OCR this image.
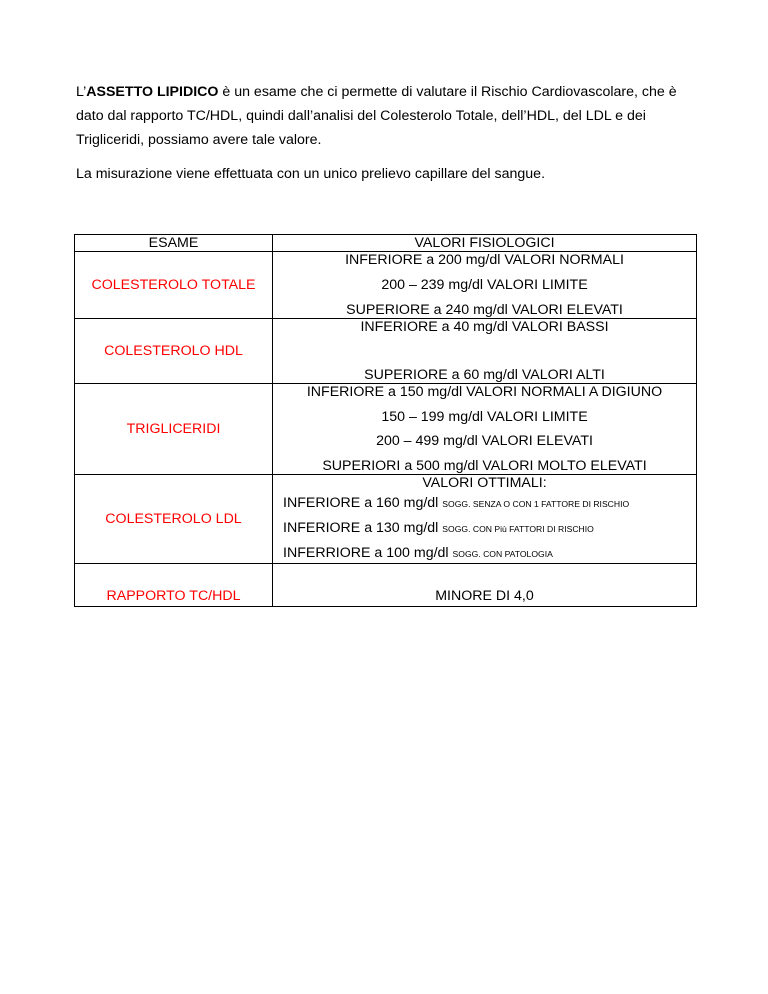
L’ASSETTO LIPIDICO è un esame che ci permette di valutare il Rischio Cardiovascolare, che è dato dal rapporto TC/HDL, quindi dall’analisi del Colesterolo Totale, dell’HDL, del LDL e dei Trigliceridi, possiamo avere tale valore.

La misurazione viene effettuata con un unico prelievo capillare del sangue.

ESAME	VALORI FISIOLOGICI
COLESTEROLO TOTALE	INFERIORE a 200 mg/dl VALORI NORMALI
200 – 239 mg/dl VALORI LIMITE
SUPERIORE a 240 mg/dl VALORI ELEVATI

COLESTEROLO HDL	INFERIORE a 40 mg/dl VALORI BASSI
SUPERIORE a 60 mg/dl VALORI ALTI

TRIGLICERIDI	INFERIORE a 150 mg/dl VALORI NORMALI A DIGIUNO
150 – 199 mg/dl VALORI LIMITE
200 – 499 mg/dl VALORI ELEVATI
SUPERIORI a 500 mg/dl VALORI MOLTO ELEVATI

COLESTEROLO LDL	VALORI OTTIMALI:
INFERIORE a 160 mg/dl SOGG. SENZA O CON 1 FATTORE DI RISCHIO
INFERIORE a 130 mg/dl SOGG. CON Più FATTORI DI RISCHIO
INFERRIORE a 100 mg/dl SOGG. CON PATOLOGIA

RAPPORTO TC/HDL	MINORE DI 4,0
